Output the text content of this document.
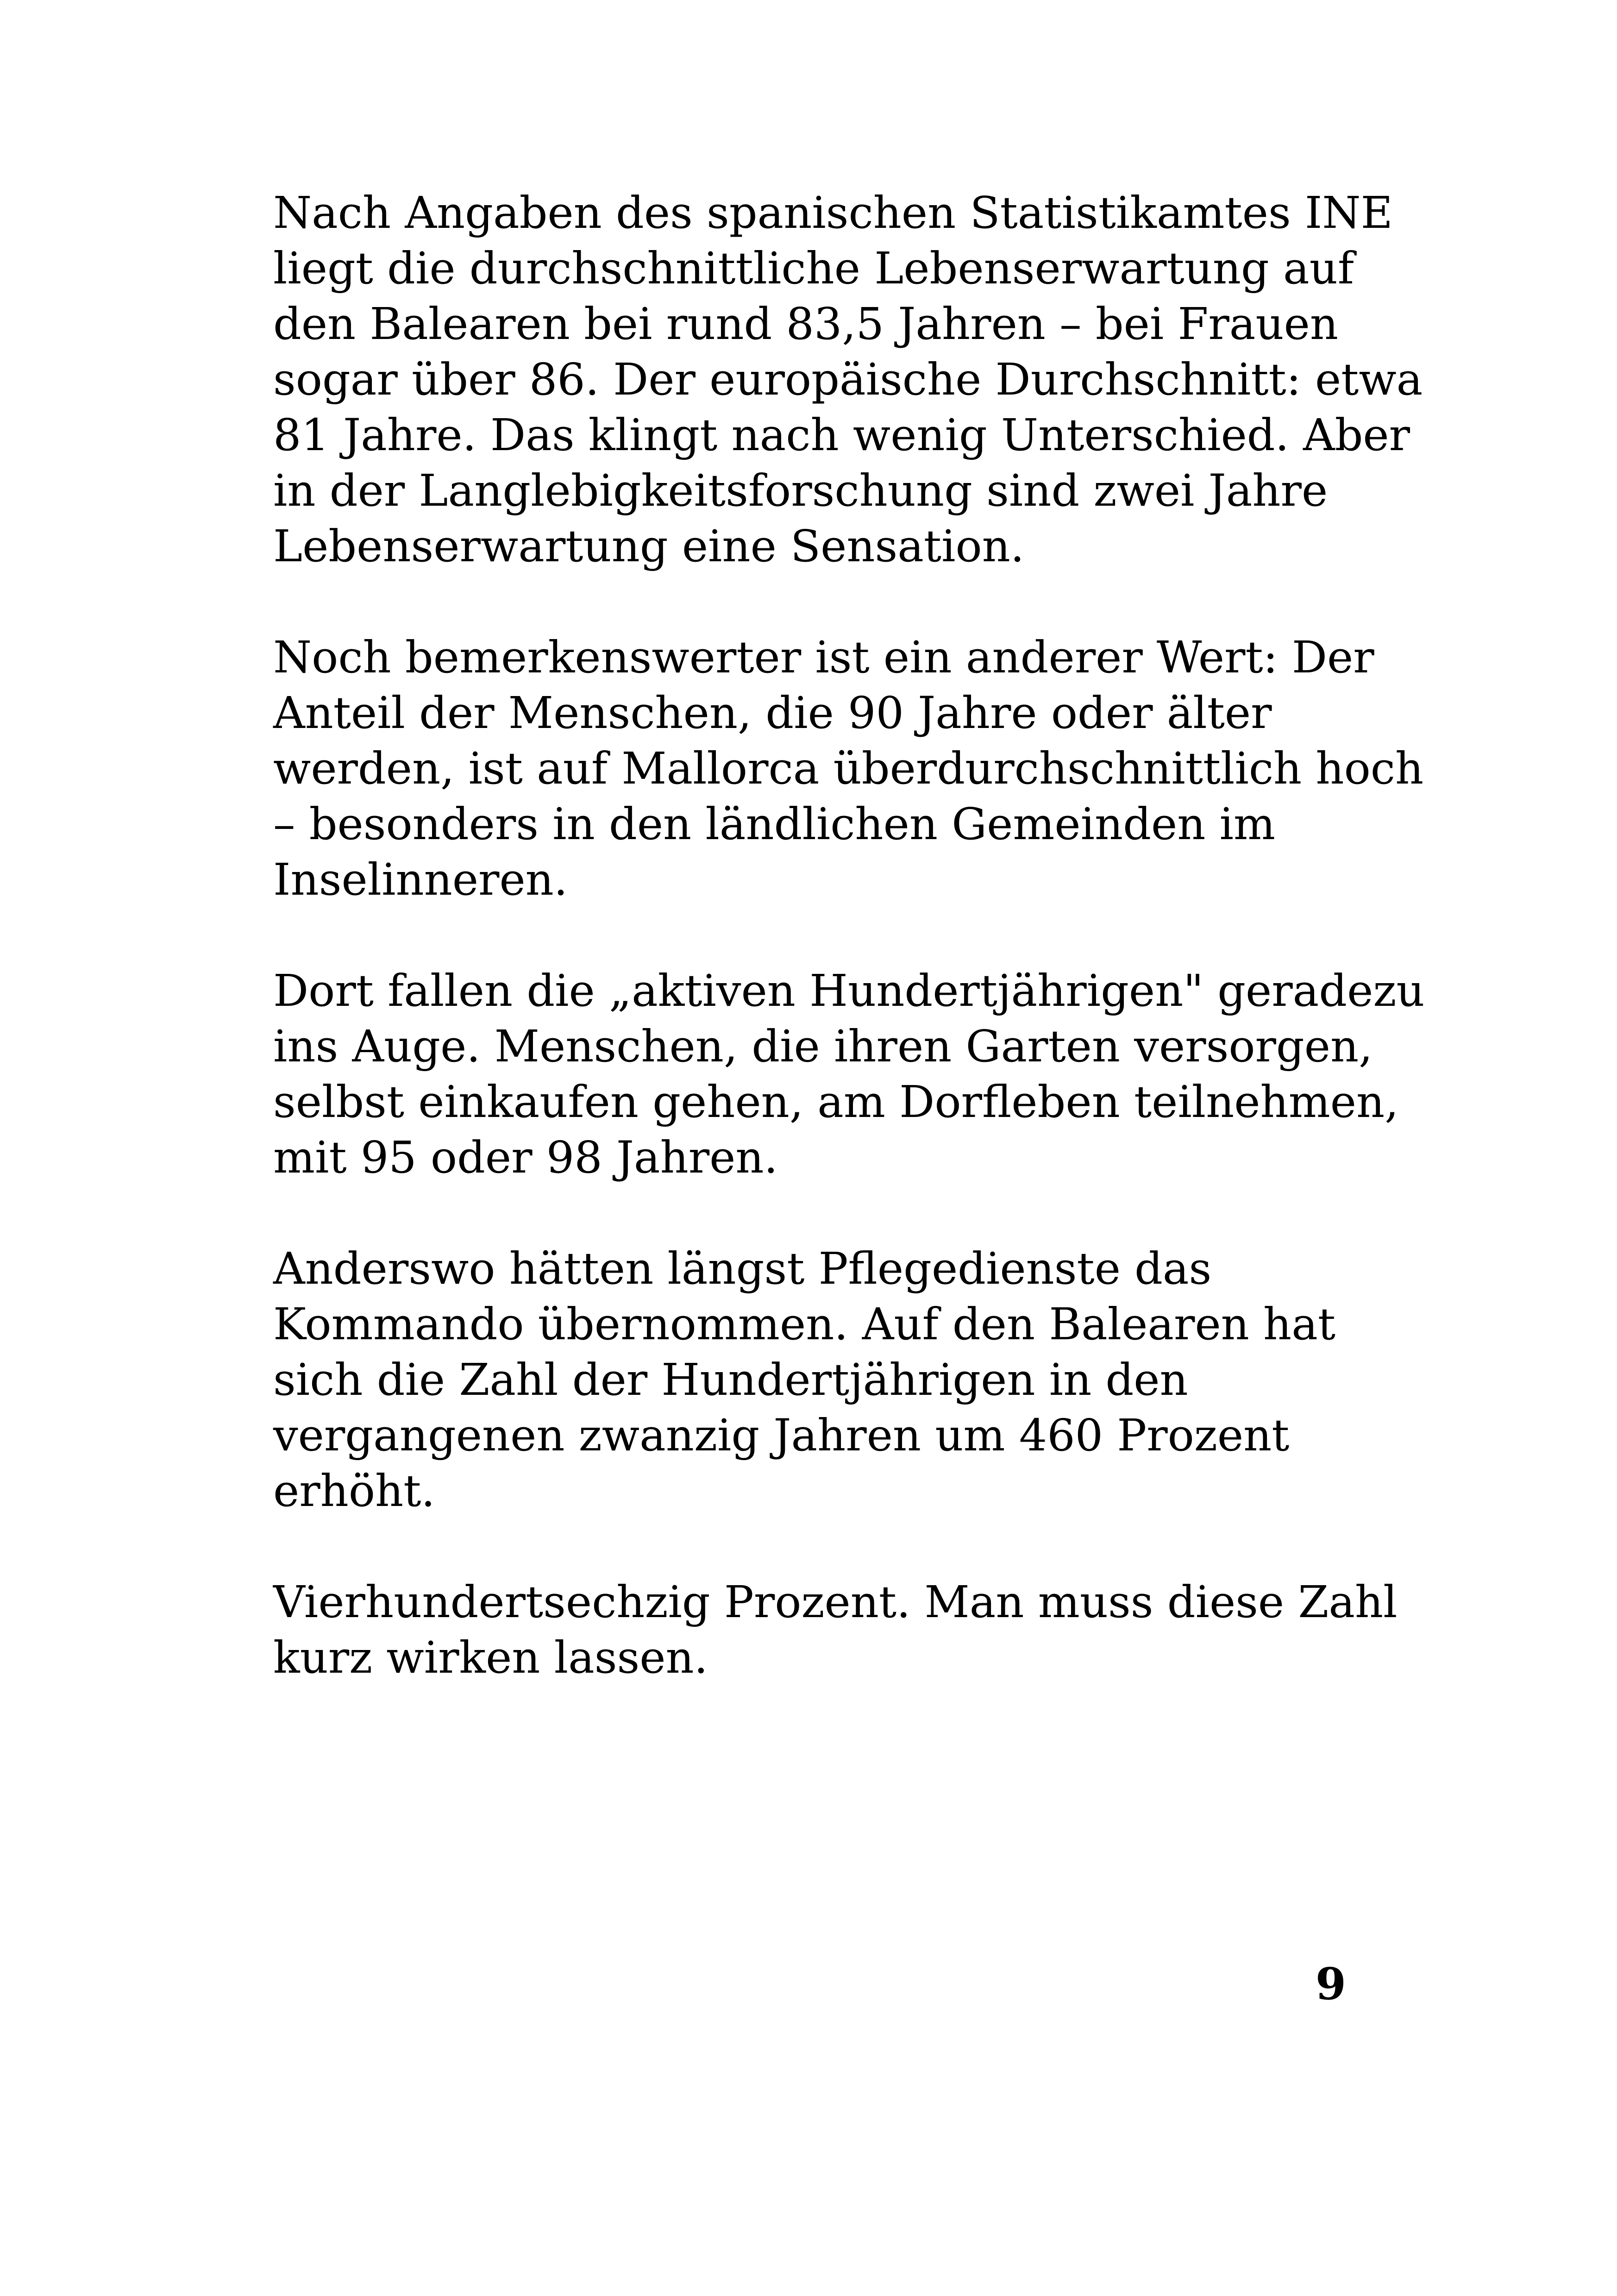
Nach Angaben des spanischen Statistikamtes INE
liegt die durchschnittliche Lebenserwartung auf
den Balearen bei rund 83,5 Jahren – bei Frauen
sogar über 86. Der europäische Durchschnitt: etwa
81 Jahre. Das klingt nach wenig Unterschied. Aber
in der Langlebigkeitsforschung sind zwei Jahre
Lebenserwartung eine Sensation.

Noch bemerkenswerter ist ein anderer Wert: Der
Anteil der Menschen, die 90 Jahre oder älter
werden, ist auf Mallorca überdurchschnittlich hoch
– besonders in den ländlichen Gemeinden im
Inselinneren.

Dort fallen die „aktiven Hundertjährigen" geradezu
ins Auge. Menschen, die ihren Garten versorgen,
selbst einkaufen gehen, am Dorfleben teilnehmen,
mit 95 oder 98 Jahren.

Anderswo hätten längst Pflegedienste das
Kommando übernommen. Auf den Balearen hat
sich die Zahl der Hundertjährigen in den
vergangenen zwanzig Jahren um 460 Prozent
erhöht.

Vierhundertsechzig Prozent. Man muss diese Zahl
kurz wirken lassen.

9
